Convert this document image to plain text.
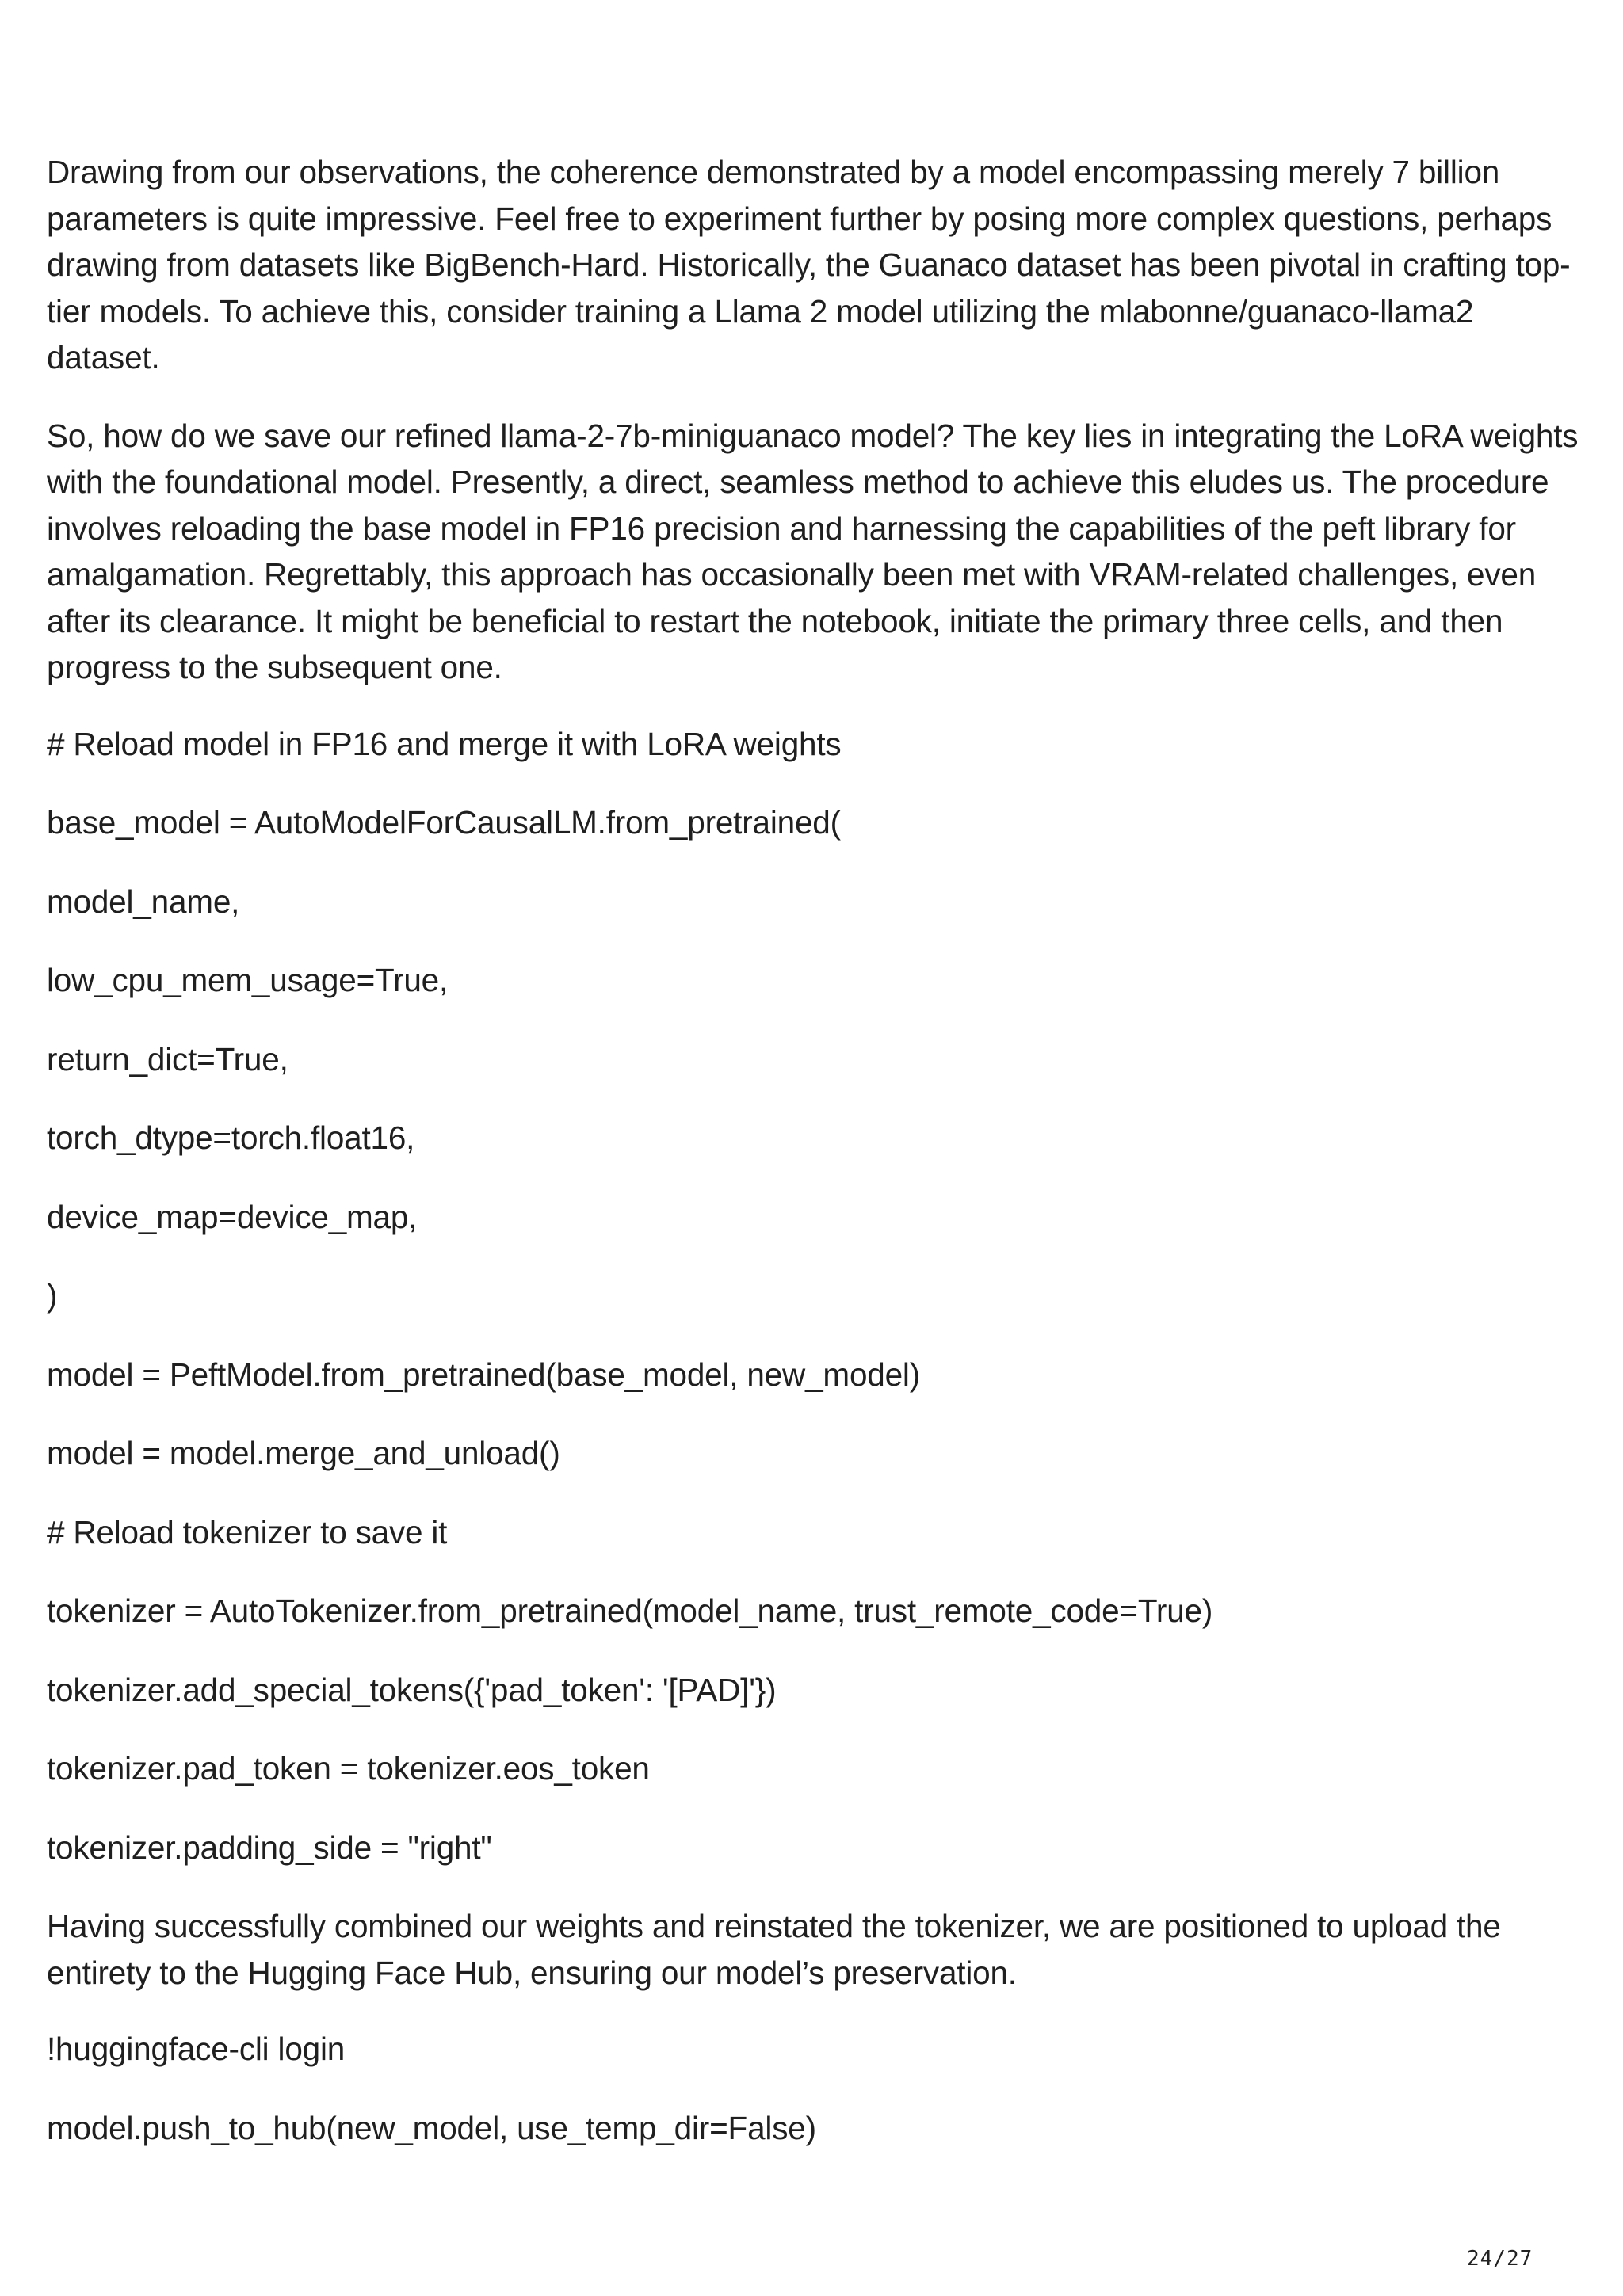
Drawing from our observations, the coherence demonstrated by a model encompassing merely 7 billion parameters is quite impressive. Feel free to experiment further by posing more complex questions, perhaps drawing from datasets like BigBench-Hard. Historically, the Guanaco dataset has been pivotal in crafting top-tier models. To achieve this, consider training a Llama 2 model utilizing the mlabonne/guanaco-llama2 dataset.

So, how do we save our refined llama-2-7b-miniguanaco model? The key lies in integrating the LoRA weights with the foundational model. Presently, a direct, seamless method to achieve this eludes us. The procedure involves reloading the base model in FP16 precision and harnessing the capabilities of the peft library for amalgamation. Regrettably, this approach has occasionally been met with VRAM-related challenges, even after its clearance. It might be beneficial to restart the notebook, initiate the primary three cells, and then progress to the subsequent one.

# Reload model in FP16 and merge it with LoRA weights
base_model = AutoModelForCausalLM.from_pretrained(
model_name,
low_cpu_mem_usage=True,
return_dict=True,
torch_dtype=torch.float16,
device_map=device_map,
)
model = PeftModel.from_pretrained(base_model, new_model)
model = model.merge_and_unload()
# Reload tokenizer to save it
tokenizer = AutoTokenizer.from_pretrained(model_name, trust_remote_code=True)
tokenizer.add_special_tokens({'pad_token': '[PAD]'})
tokenizer.pad_token = tokenizer.eos_token
tokenizer.padding_side = "right"

Having successfully combined our weights and reinstated the tokenizer, we are positioned to upload the entirety to the Hugging Face Hub, ensuring our model’s preservation.

!huggingface-cli login
model.push_to_hub(new_model, use_temp_dir=False)
24/27
